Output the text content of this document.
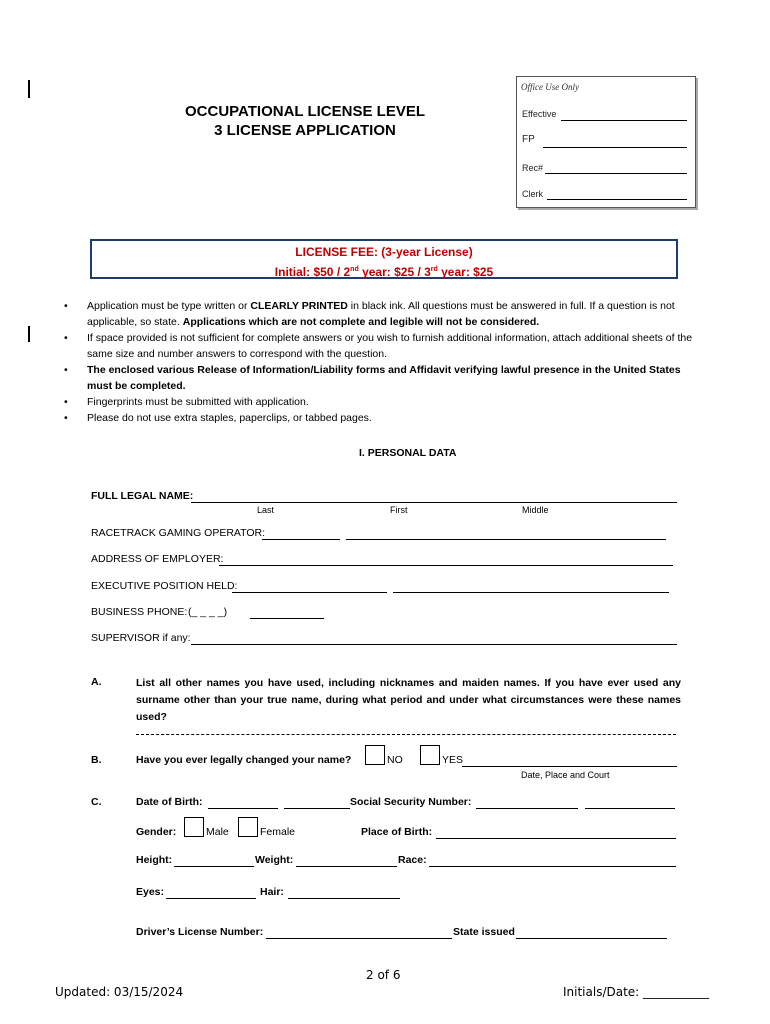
OCCUPATIONAL LICENSE LEVEL
3 LICENSE APPLICATION
Office Use Only
Effective
FP
Rec#
Clerk
LICENSE FEE: (3-year License)
Initial: $50 / 2nd year: $25 / 3rd year: $25
• Application must be type written or CLEARLY PRINTED in black ink. All questions must be answered in full. If a question is not applicable, so state. Applications which are not complete and legible will not be considered.
• If space provided is not sufficient for complete answers or you wish to furnish additional information, attach additional sheets of the same size and number answers to correspond with the question.
• The enclosed various Release of Information/Liability forms and Affidavit verifying lawful presence in the United States must be completed.
• Fingerprints must be submitted with application.
• Please do not use extra staples, paperclips, or tabbed pages.
I. PERSONAL DATA
FULL LEGAL NAME:
Last	First	Middle
RACETRACK GAMING OPERATOR:
ADDRESS OF EMPLOYER:
EXECUTIVE POSITION HELD:
BUSINESS PHONE: (_ _ _ _)
SUPERVISOR if any:
A.	List all other names you have used, including nicknames and maiden names. If you have ever used any surname other than your true name, during what period and under what circumstances were these names used?
B.	Have you ever legally changed your name?	NO	YES
Date, Place and Court
C.	Date of Birth:	Social Security Number:
Gender:	Male	Female	Place of Birth:
Height:	Weight:	Race:
Eyes:	Hair:
Driver’s License Number:	State issued
2 of 6
Updated: 03/15/2024	Initials/Date: ___________
